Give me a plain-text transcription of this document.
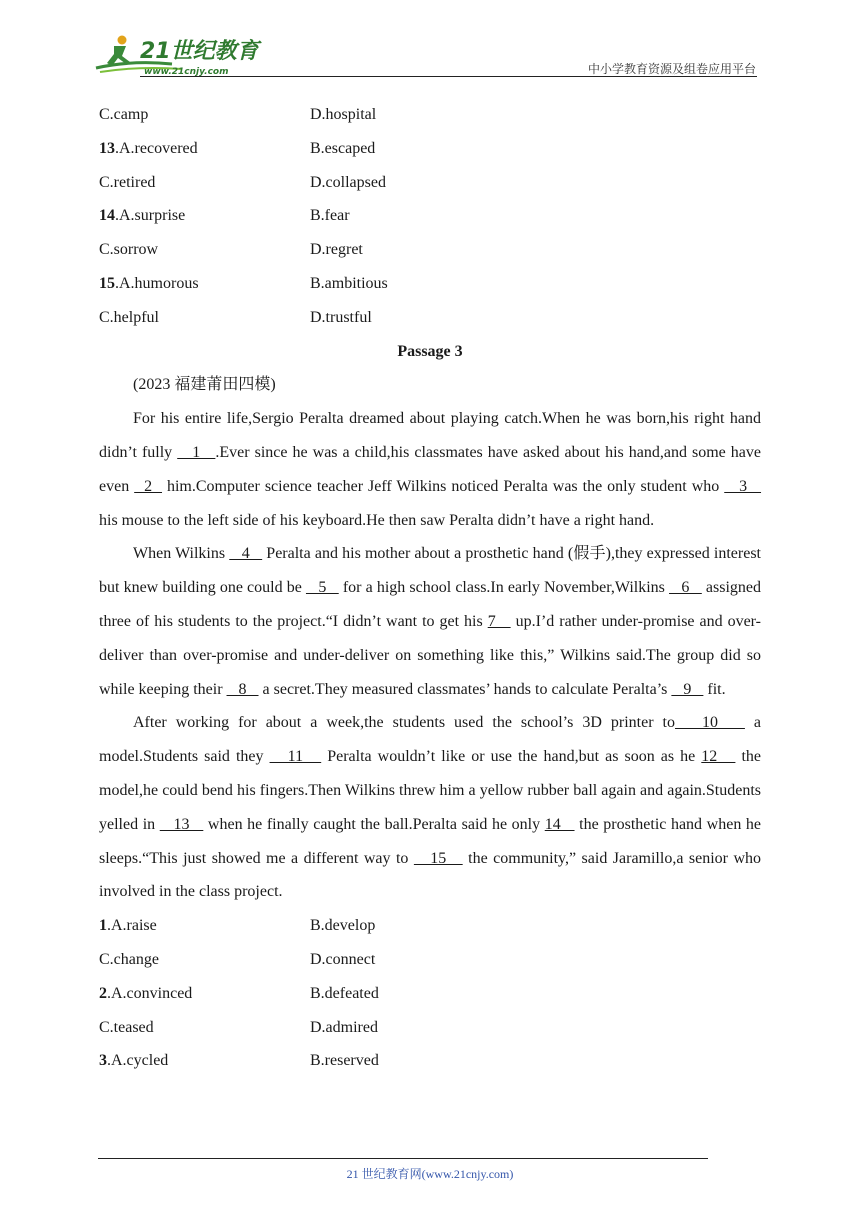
21世纪教育
www.21cnjy.com	中小学教育资源及组卷应用平台
C.camp	D.hospital
13.A.recovered	B.escaped
C.retired	D.collapsed
14.A.surprise	B.fear
C.sorrow	D.regret
15.A.humorous	B.ambitious
C.helpful	D.trustful
Passage 3
(2023 福建莆田四模)

For his entire life,Sergio Peralta dreamed about playing catch.When he was born,his right hand didn’t fully    1   .Ever since he was a child,his classmates have asked about his hand,and some have even   2   him.Computer science teacher Jeff Wilkins noticed Peralta was the only student who    3    his mouse to the left side of his keyboard.He then saw Peralta didn’t have a right hand.

When Wilkins    4    Peralta and his mother about a prosthetic hand (假手),they expressed interest but knew building one could be    5    for a high school class.In early November,Wilkins    6    assigned three of his students to the project.“I didn’t want to get his 7    up.I’d rather under-promise and over-deliver than over-promise and under-deliver on something like this,” Wilkins said.The group did so while keeping their    8    a secret.They measured classmates’ hands to calculate Peralta’s    9    fit.

After working for about a week,the students used the school’s 3D printer to   10    a model.Students said they    11    Peralta wouldn’t like or use the hand,but as soon as he 12    the model,he could bend his fingers.Then Wilkins threw him a yellow rubber ball again and again.Students yelled in    13    when he finally caught the ball.Peralta said he only 14    the prosthetic hand when he sleeps.“This just showed me a different way to    15    the community,” said Jaramillo,a senior who involved in the class project.

1.A.raise	B.develop
C.change	D.connect
2.A.convinced	B.defeated
C.teased	D.admired
3.A.cycled	B.reserved
21 世纪教育网(www.21cnjy.com)
